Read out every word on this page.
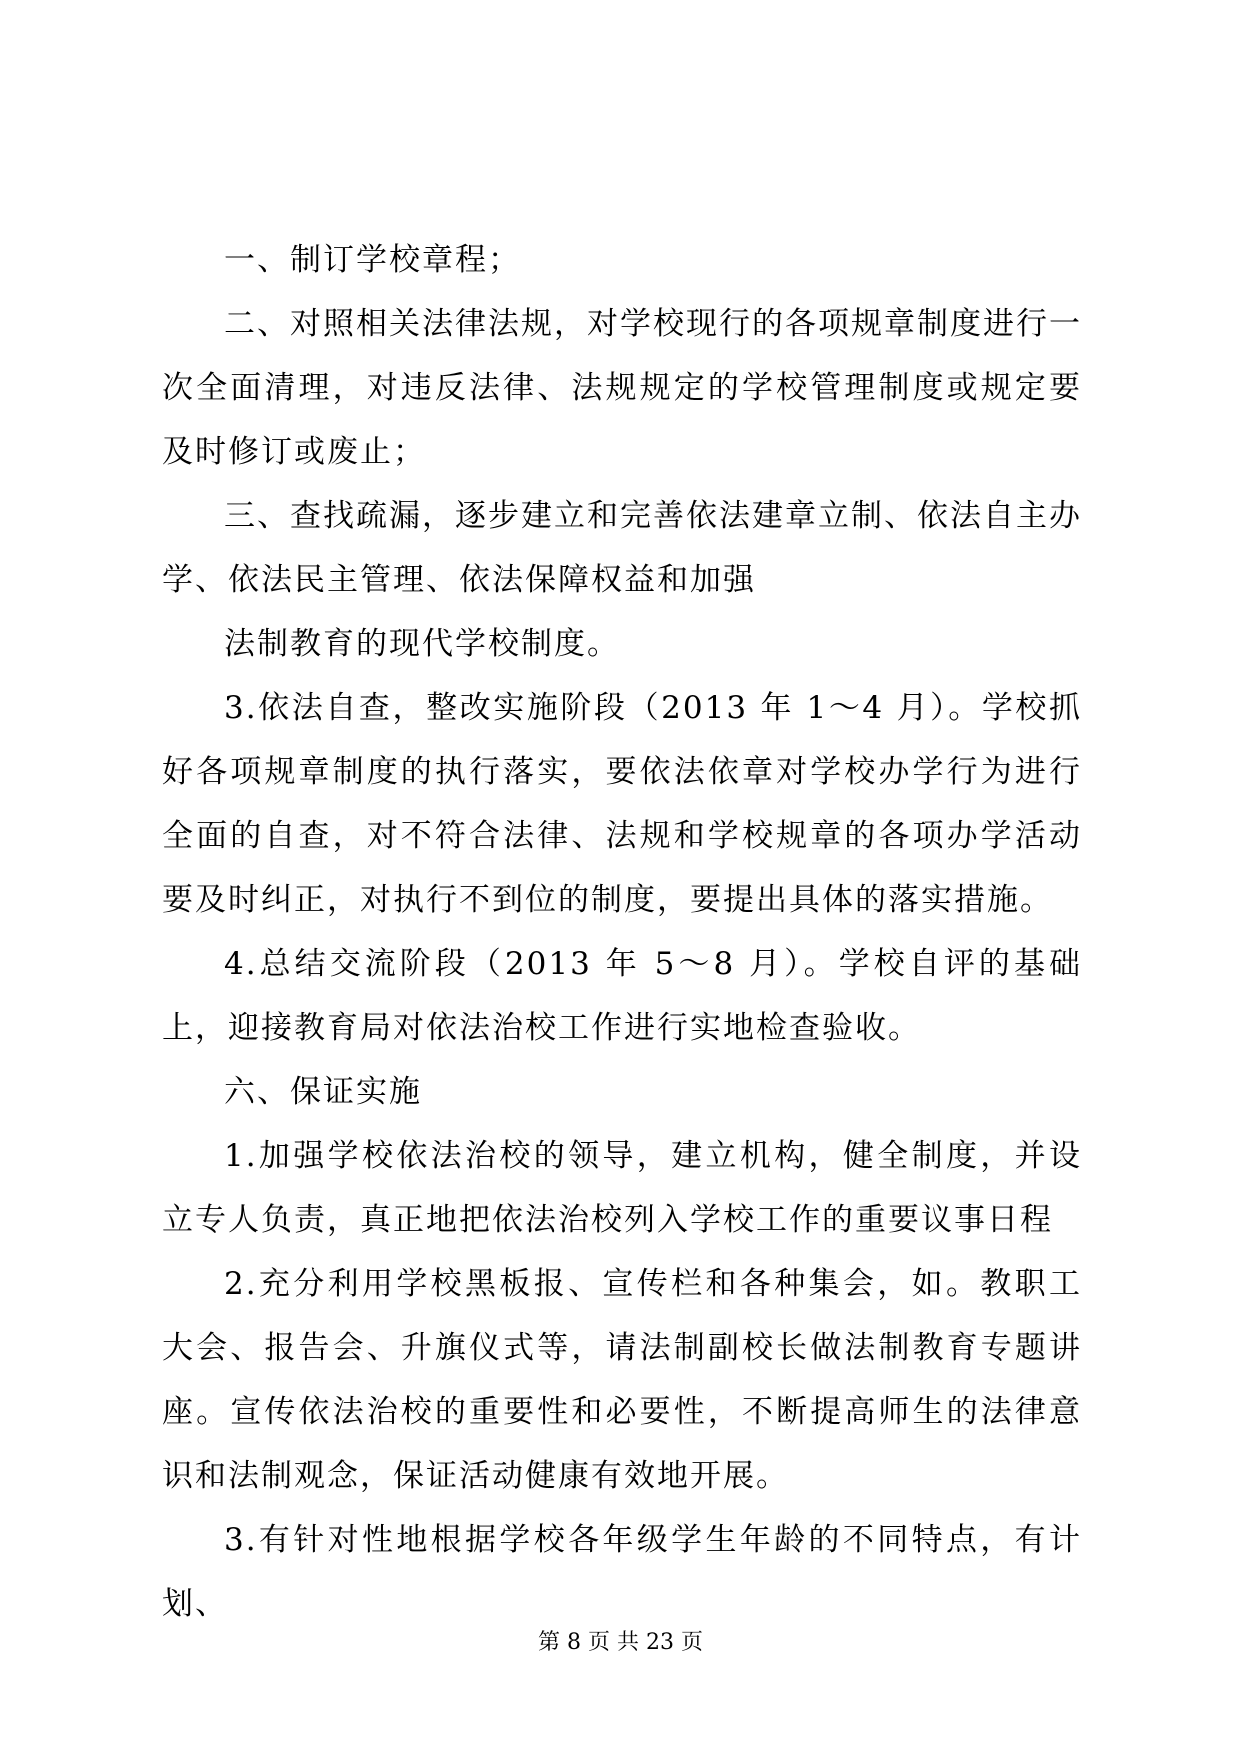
一、制订学校章程；

二、对照相关法律法规，对学校现行的各项规章制度进行一次全面清理，对违反法律、法规规定的学校管理制度或规定要及时修订或废止；

三、查找疏漏，逐步建立和完善依法建章立制、依法自主办学、依法民主管理、依法保障权益和加强

法制教育的现代学校制度。

3.依法自查，整改实施阶段（2013 年 1～4 月）。学校抓好各项规章制度的执行落实，要依法依章对学校办学行为进行全面的自查，对不符合法律、法规和学校规章的各项办学活动要及时纠正，对执行不到位的制度，要提出具体的落实措施。

4.总结交流阶段（2013 年 5～8 月）。学校自评的基础上，迎接教育局对依法治校工作进行实地检查验收。

六、保证实施

1.加强学校依法治校的领导，建立机构，健全制度，并设立专人负责，真正地把依法治校列入学校工作的重要议事日程

2.充分利用学校黑板报、宣传栏和各种集会，如。教职工大会、报告会、升旗仪式等，请法制副校长做法制教育专题讲座。宣传依法治校的重要性和必要性，不断提高师生的法律意识和法制观念，保证活动健康有效地开展。

3.有针对性地根据学校各年级学生年龄的不同特点，有计划、

第 8 页 共 23 页
